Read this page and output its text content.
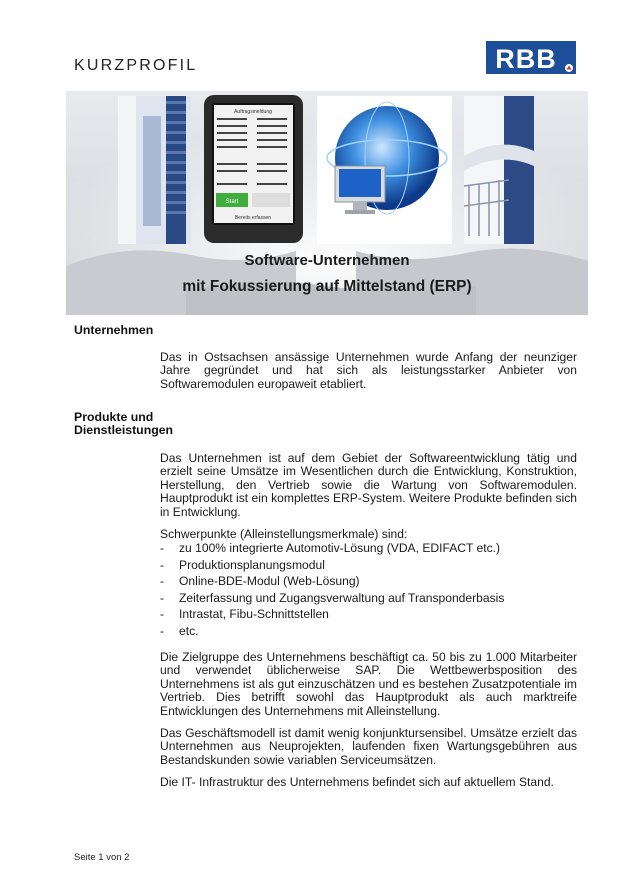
KURZPROFIL	RBB
Auftragsmeldung
Start
Bereits erfassen
Software-Unternehmen
mit Fokussierung auf Mittelstand (ERP)
Unternehmen
Das in Ostsachsen ansässige Unternehmen wurde Anfang der neunziger Jahre gegründet und hat sich als leistungsstarker Anbieter von Softwaremodulen europaweit etabliert.
Produkte und
Dienstleistungen
Das Unternehmen ist auf dem Gebiet der Softwareentwicklung tätig und erzielt seine Umsätze im Wesentlichen durch die Entwicklung, Konstruktion, Herstellung, den Vertrieb sowie die Wartung von Softwaremodulen. Hauptprodukt ist ein komplettes ERP-System. Weitere Produkte befinden sich in Entwicklung.
Schwerpunkte (Alleinstellungsmerkmale) sind:
- zu 100% integrierte Automotiv-Lösung (VDA, EDIFACT etc.)
- Produktionsplanungsmodul
- Online-BDE-Modul (Web-Lösung)
- Zeiterfassung und Zugangsverwaltung auf Transponderbasis
- Intrastat, Fibu-Schnittstellen
- etc.
Die Zielgruppe des Unternehmens beschäftigt ca. 50 bis zu 1.000 Mitarbeiter und verwendet üblicherweise SAP. Die Wettbewerbsposition des Unternehmens ist als gut einzuschätzen und es bestehen Zusatzpotentiale im Vertrieb. Dies betrifft sowohl das Hauptprodukt als auch marktreife Entwicklungen des Unternehmens mit Alleinstellung.
Das Geschäftsmodell ist damit wenig konjunktursensibel. Umsätze erzielt das Unternehmen aus Neuprojekten, laufenden fixen Wartungsgebühren aus Bestandskunden sowie variablen Serviceumsätzen.
Die IT- Infrastruktur des Unternehmens befindet sich auf aktuellem Stand.
Seite 1 von 2
